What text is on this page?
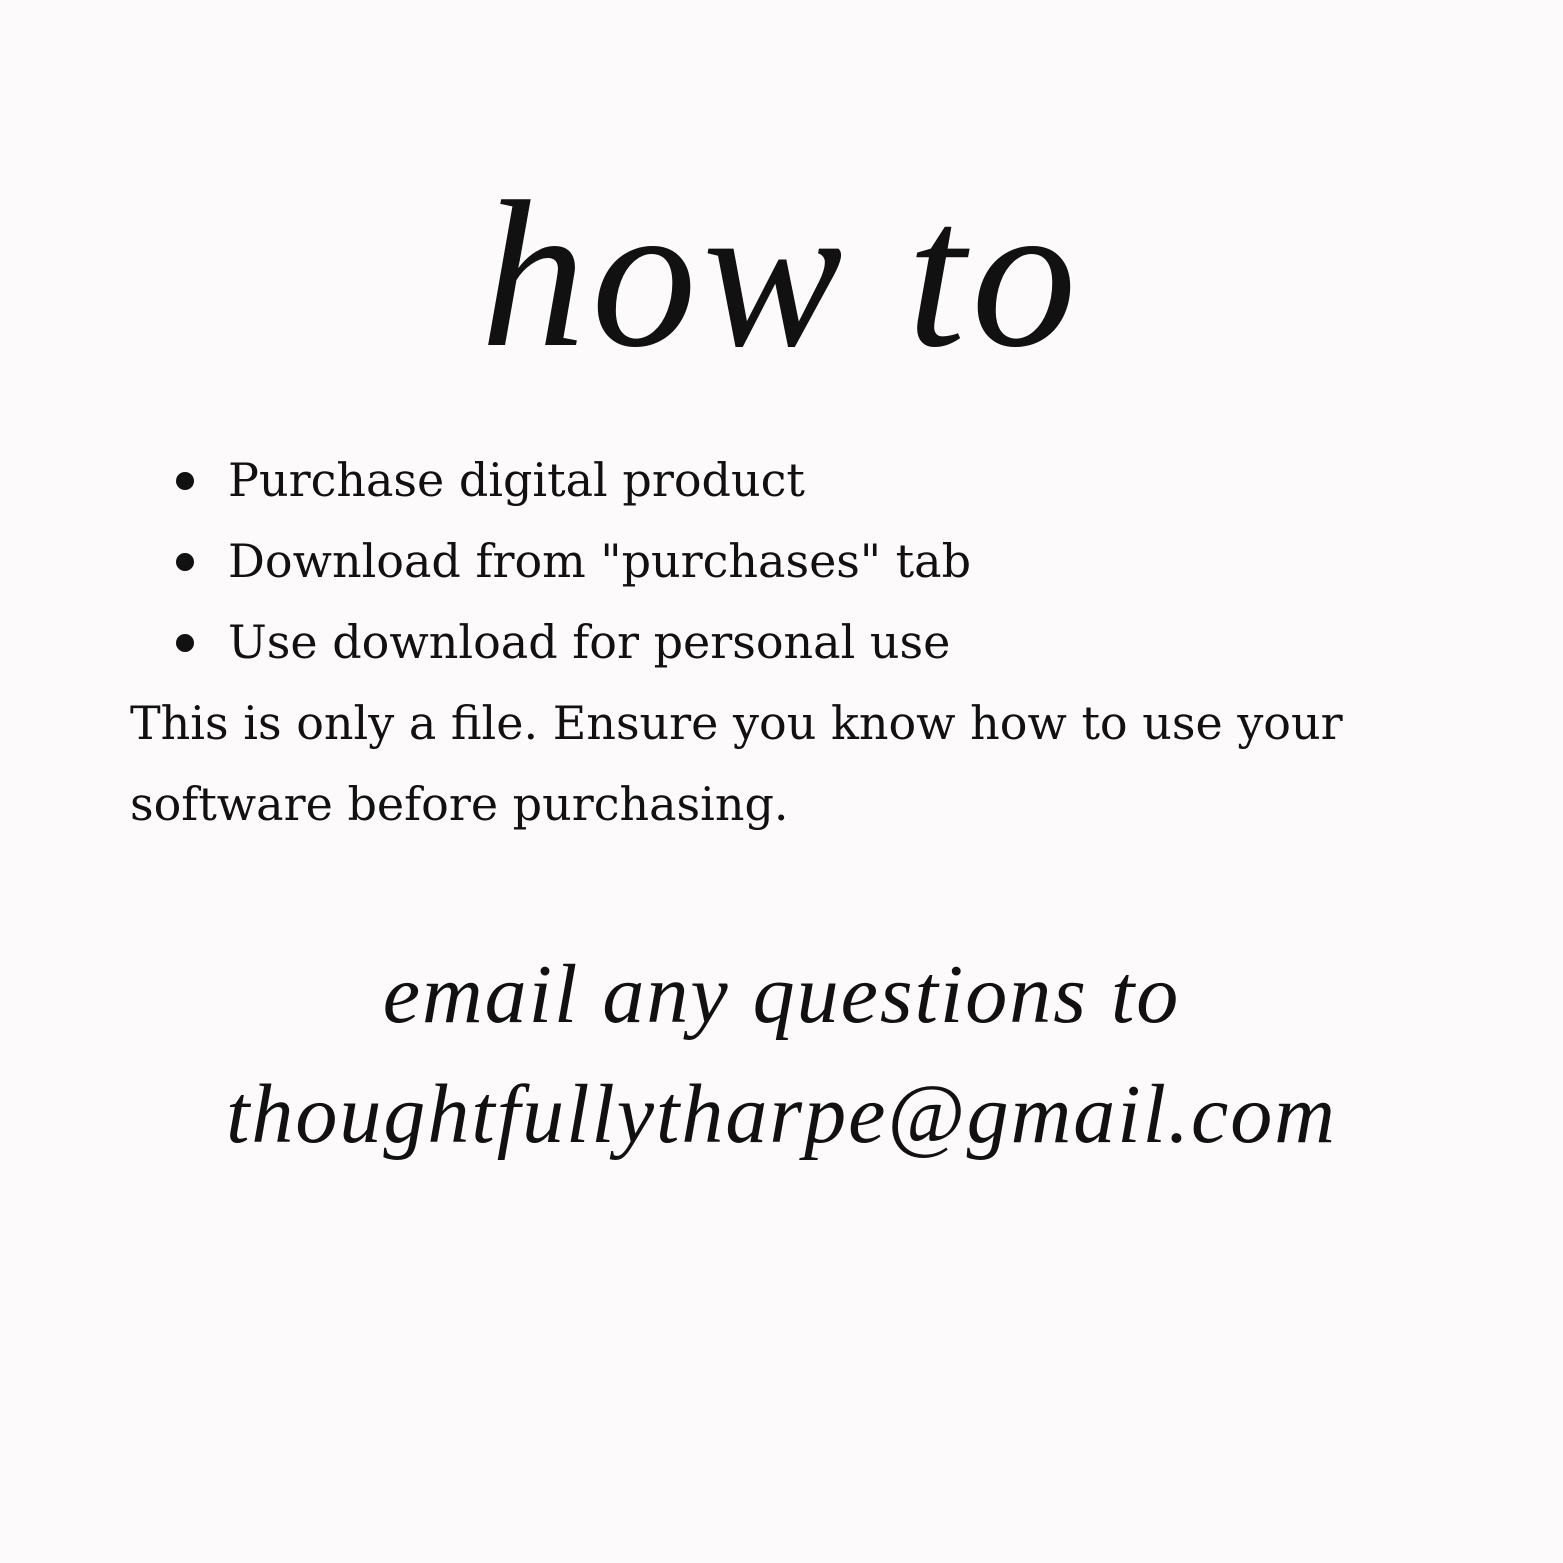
how to
Purchase digital product
Download from "purchases" tab
Use download for personal use

This is only a file. Ensure you know how to use your software before purchasing.

email any questions to
thoughtfullytharpe@gmail.com
